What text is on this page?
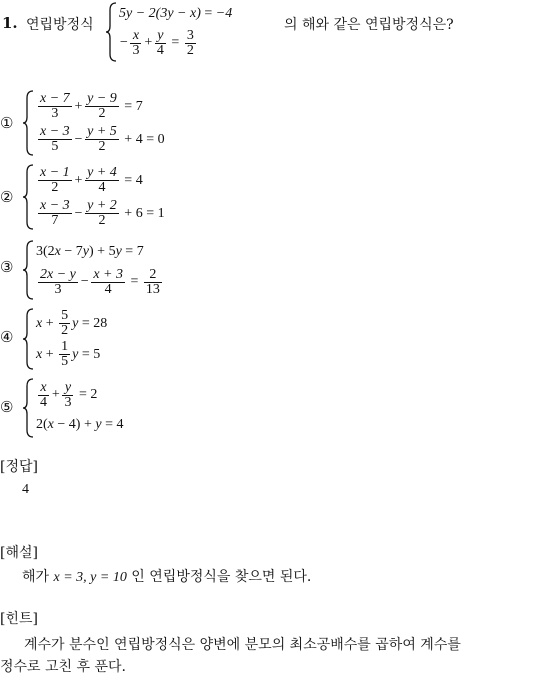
1. 연립방정식
5 y − 2(3 y − x ) = −4
− $\frac{x}{3} + \frac{y}{4} = \frac{3}{2}$
의 해와 같은 연립방정식은?
①
$\frac{x - 7}{3} + \frac{y - 9}{2} = 7$
$\frac{x - 3}{5} - \frac{y + 5}{2} + 4 = 0$
②
$\frac{x - 1}{2} + \frac{y + 4}{4} = 4$
$\frac{x - 3}{7} - \frac{y + 2}{2} + 6 = 1$
③
3(2 x − 7 y ) + 5 y = 7
$\frac{2x - y}{3} - \frac{x + 3}{4} = \frac{2}{13}$
④
$x + \frac{5}{2}$ y = 28
$x + \frac{1}{5}$ y = 5
⑤ $\frac{x}{4} + \frac{y}{3} = 2$
2( x − 4) + y = 4
[정답]
4
[해설]
해가 x = 3, y = 10 인 연립방정식을 찾으면 된다.
[힌트]
계수가 분수인 연립방정식은 양변에 분모의 최소공배수를 곱하여 계수를
정수로 고친 후 푼다.
